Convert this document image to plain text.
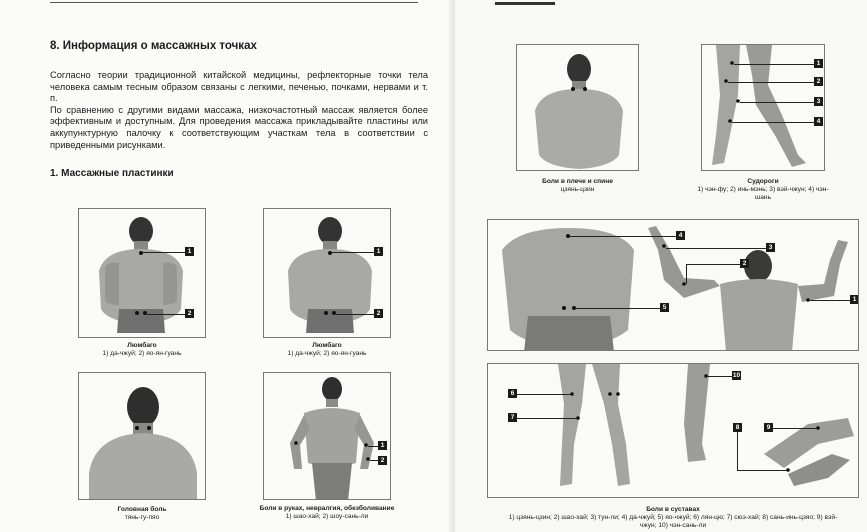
8. Информация о массажных точках
Согласно теории традиционной китайской медицины, рефлекторные точки тела человека самым тесным образом связаны с легкими, печенью, почками, нервами и т. п.
По сравнению с другими видами массажа, низкочастотный массаж является более эффективным и доступным. Для проведения массажа прикладывайте пластины или аккупунктурную палочку к соответствующим участкам тела в соответствии с приведенными рисунками.
1. Массажные пластинки
1
2
Люмбаго
1) да-чжуй; 2) яо-ян-гуань
1
2
Люмбаго
1) да-чжуй; 2) яо-ян-гуань
Головная боль
тянь-гу-пяо
1
2
Боли в руках, невралгия, обезболивание
1) шао-хай; 2) шоу-сань-ли
Боли в плече и спине
цзянь-цзин
1
2
3
4
Судороги
1) чэн-фу; 2) инь-мэнь; 3) вэй-чжун; 4) чэн-шань
4
3
2
5
1
6
7
10
8	9
Боли в суставах
1) цзянь-цзин; 2) шао-хай; 3) тун-ли; 4) да-чжуй; 5) яо-чжуй; 6) лян-цю; 7) сюэ-хай; 8) сань-инь-цзяо; 9) вэй-чжун; 10) чэн-сань-ли
